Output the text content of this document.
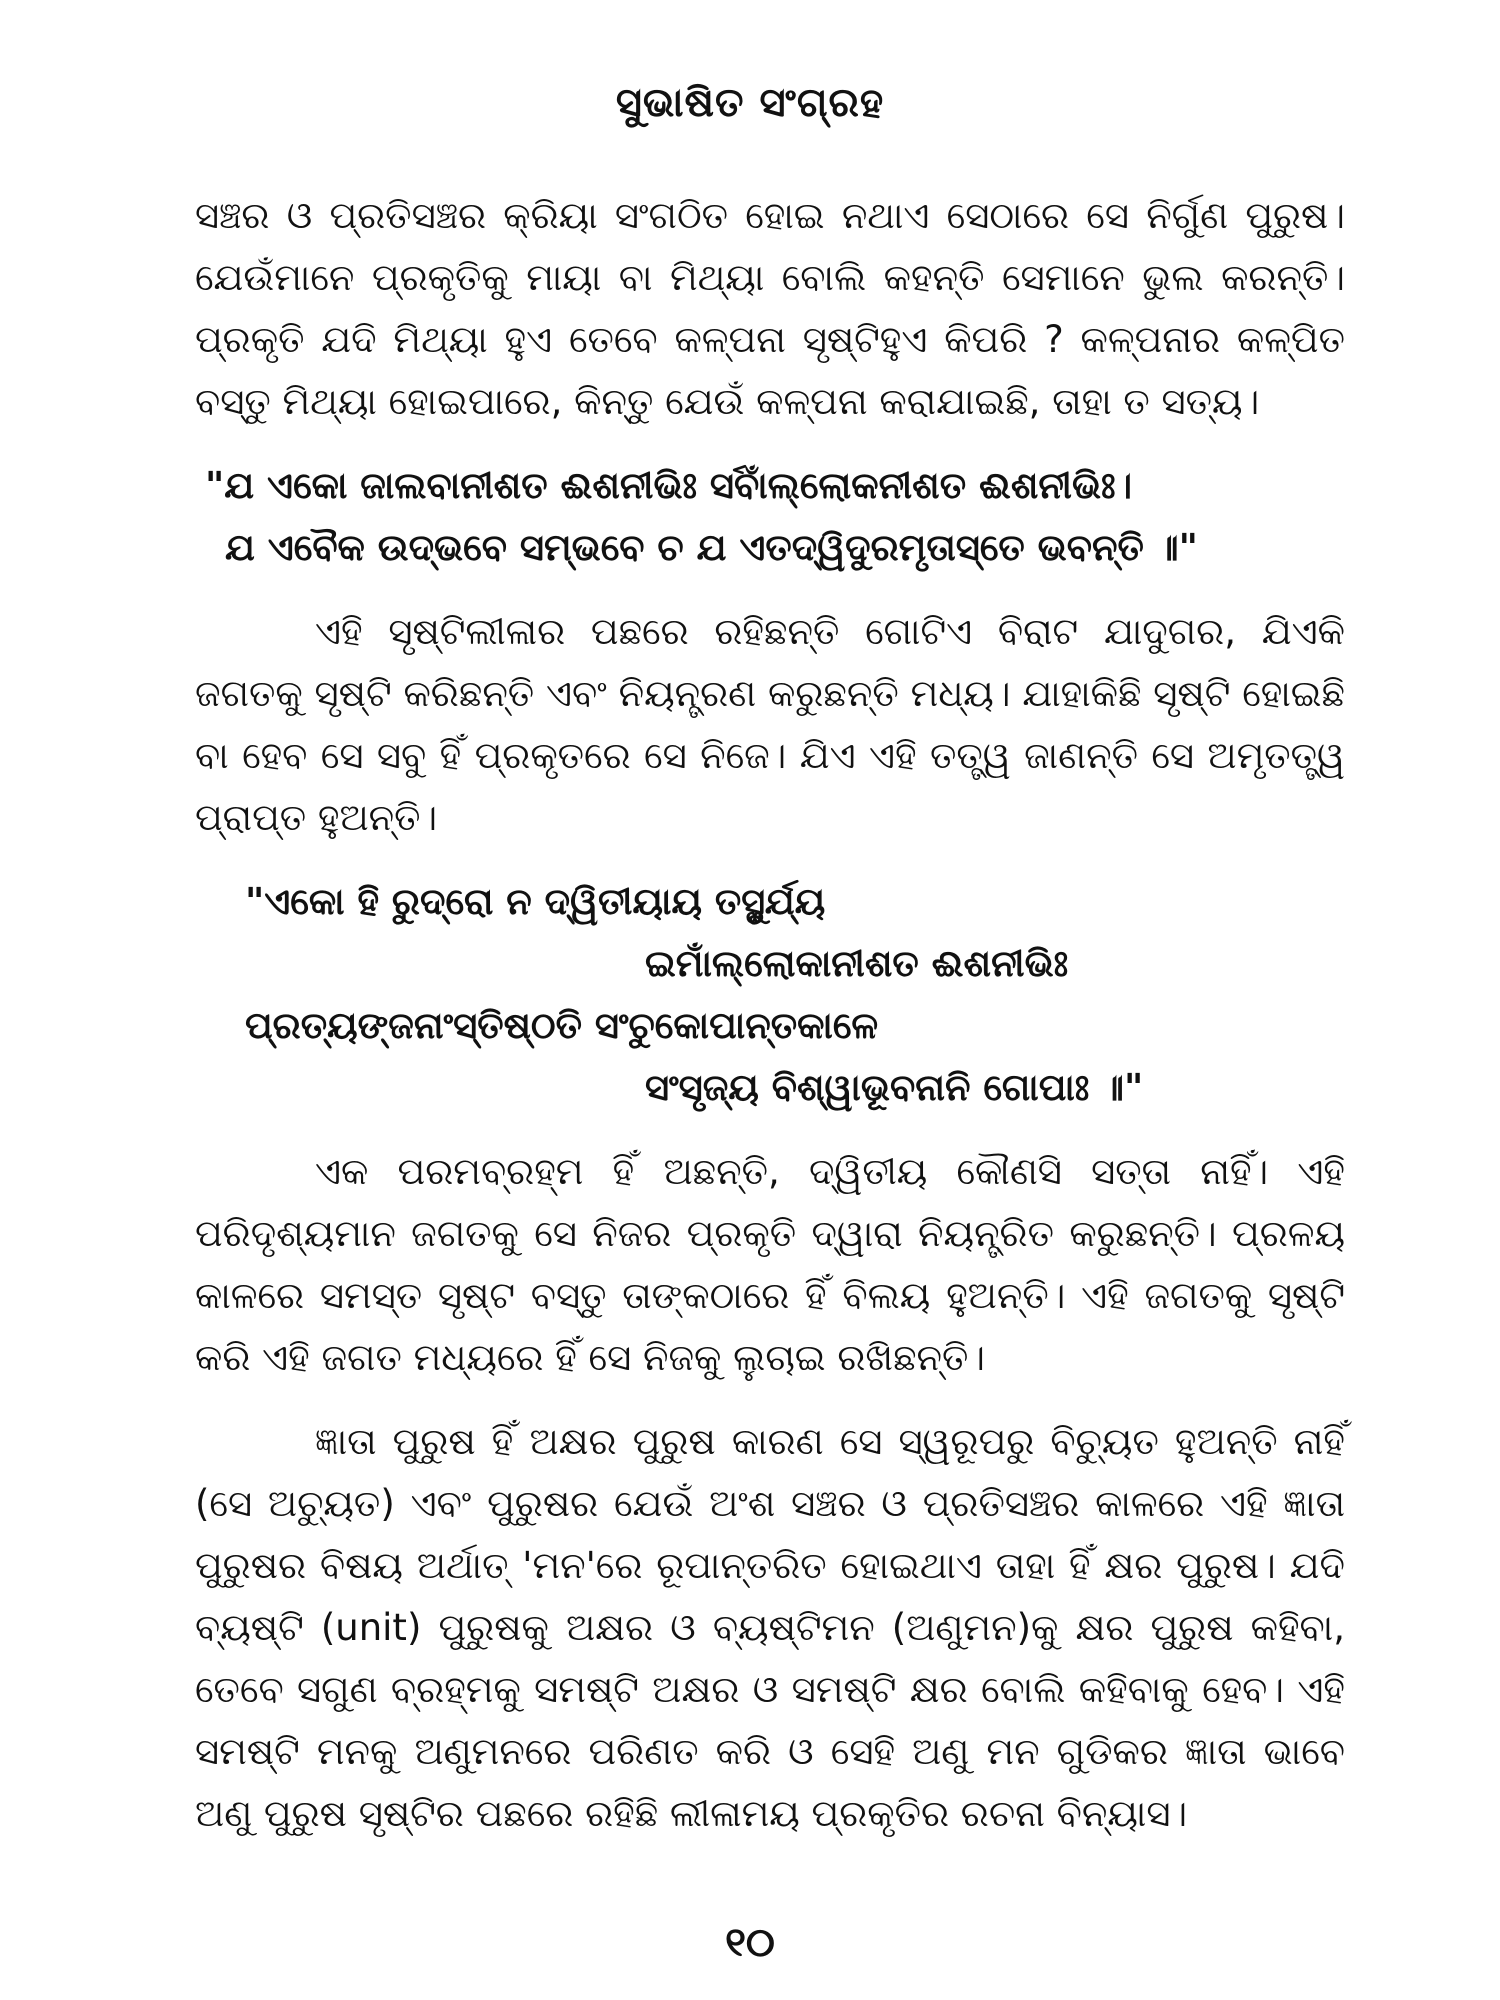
ସୁଭାଷିତ ସଂଗ୍ରହ

ସଞ୍ଚର ଓ ପ୍ରତିସଞ୍ଚର କ୍ରିୟା ସଂଗଠିତ ହୋଇ ନଥାଏ ସେଠାରେ ସେ ନିର୍ଗୁଣ ପୁରୁଷ। ଯେଉଁମାନେ ପ୍ରକୃତିକୁ ମାୟା ବା ମିଥ୍ୟା ବୋଲି କହନ୍ତି ସେମାନେ ଭୁଲ କରନ୍ତି। ପ୍ରକୃତି ଯଦି ମିଥ୍ୟା ହୁଏ ତେବେ କଳ୍ପନା ସୃଷ୍ଟିହୁଏ କିପରି ? କଳ୍ପନାର କଳ୍ପିତ ବସ୍ତୁ ମିଥ୍ୟା ହୋଇପାରେ, କିନ୍ତୁ ଯେଉଁ କଳ୍ପନା କରାଯାଇଛି, ତାହା ତ ସତ୍ୟ।

"ଯ ଏକୋ ଜାଲବାନୀଶତ ଈଶନୀଭିଃ ସର୍ବାଁଲ୍ଲୋକନୀଶତ ଈଶନୀଭିଃ।
ଯ ଏବୈକ ଉଦ୍ଭବେ ସମ୍ଭବେ ଚ ଯ ଏତଦ୍ୱିଦୁରମୃତାସ୍ତେ ଭବନ୍ତି ॥"

ଏହି ସୃଷ୍ଟିଲୀଳାର ପଛରେ ରହିଛନ୍ତି ଗୋଟିଏ ବିରାଟ ଯାଦୁଗର, ଯିଏକି ଜଗତକୁ ସୃଷ୍ଟି କରିଛନ୍ତି ଏବଂ ନିୟନ୍ତ୍ରଣ କରୁଛନ୍ତି ମଧ୍ୟ। ଯାହାକିଛି ସୃଷ୍ଟି ହୋଇଛି ବା ହେବ ସେ ସବୁ ହିଁ ପ୍ରକୃତରେ ସେ ନିଜେ। ଯିଏ ଏହି ତତ୍ତ୍ୱ ଜାଣନ୍ତି ସେ ଅମୃତତ୍ତ୍ୱ ପ୍ରାପ୍ତ ହୁଅନ୍ତି।

"ଏକୋ ହି ରୁଦ୍ରୋ ନ ଦ୍ୱିତୀୟାୟ ତସ୍ଥୁର୍ଯ୍ୟ
ଇମାଁଲ୍ଲୋକାନୀଶତ ଈଶନୀଭିଃ
ପ୍ରତ୍ୟଙ୍‌ଜନାଂସ୍ତିଷ୍ଠତି ସଂଚୁକୋପାନ୍ତକାଳେ
ସଂସୃଜ୍ୟ ବିଶ୍ୱାଭୂବନାନି ଗୋପାଃ ॥"

ଏକ ପରମବ୍ରହ୍ମ ହିଁ ଅଛନ୍ତି, ଦ୍ୱିତୀୟ କୌଣସି ସତ୍ତା ନାହିଁ। ଏହି ପରିଦୃଶ୍ୟମାନ ଜଗତକୁ ସେ ନିଜର ପ୍ରକୃତି ଦ୍ୱାରା ନିୟନ୍ତ୍ରିତ କରୁଛନ୍ତି। ପ୍ରଳୟ କାଳରେ ସମସ୍ତ ସୃଷ୍ଟ ବସ୍ତୁ ତାଙ୍କଠାରେ ହିଁ ବିଲୟ ହୁଅନ୍ତି। ଏହି ଜଗତକୁ ସୃଷ୍ଟି କରି ଏହି ଜଗତ ମଧ୍ୟରେ ହିଁ ସେ ନିଜକୁ ଲୁଚାଇ ରଖିଛନ୍ତି।

ଜ୍ଞାତା ପୁରୁଷ ହିଁ ଅକ୍ଷର ପୁରୁଷ କାରଣ ସେ ସ୍ୱରୂପରୁ ବିଚ୍ୟୁତ ହୁଅନ୍ତି ନାହିଁ (ସେ ଅଚ୍ୟୁତ) ଏବଂ ପୁରୁଷର ଯେଉଁ ଅଂଶ ସଞ୍ଚର ଓ ପ୍ରତିସଞ୍ଚର କାଳରେ ଏହି ଜ୍ଞାତା ପୁରୁଷର ବିଷୟ ଅର୍ଥାତ୍ 'ମନ'ରେ ରୂପାନ୍ତରିତ ହୋଇଥାଏ ତାହା ହିଁ କ୍ଷର ପୁରୁଷ। ଯଦି ବ୍ୟଷ୍ଟି (unit) ପୁରୁଷକୁ ଅକ୍ଷର ଓ ବ୍ୟଷ୍ଟିମନ (ଅଣୁମନ)କୁ କ୍ଷର ପୁରୁଷ କହିବା, ତେବେ ସଗୁଣ ବ୍ରହ୍ମକୁ ସମଷ୍ଟି ଅକ୍ଷର ଓ ସମଷ୍ଟି କ୍ଷର ବୋଲି କହିବାକୁ ହେବ। ଏହି ସମଷ୍ଟି ମନକୁ ଅଣୁମନରେ ପରିଣତ କରି ଓ ସେହି ଅଣୁ ମନ ଗୁଡିକର ଜ୍ଞାତା ଭାବେ ଅଣୁ ପୁରୁଷ ସୃଷ୍ଟିର ପଛରେ ରହିଛି ଲୀଳାମୟ ପ୍ରକୃତିର ରଚନା ବିନ୍ୟାସ।

୧୦
